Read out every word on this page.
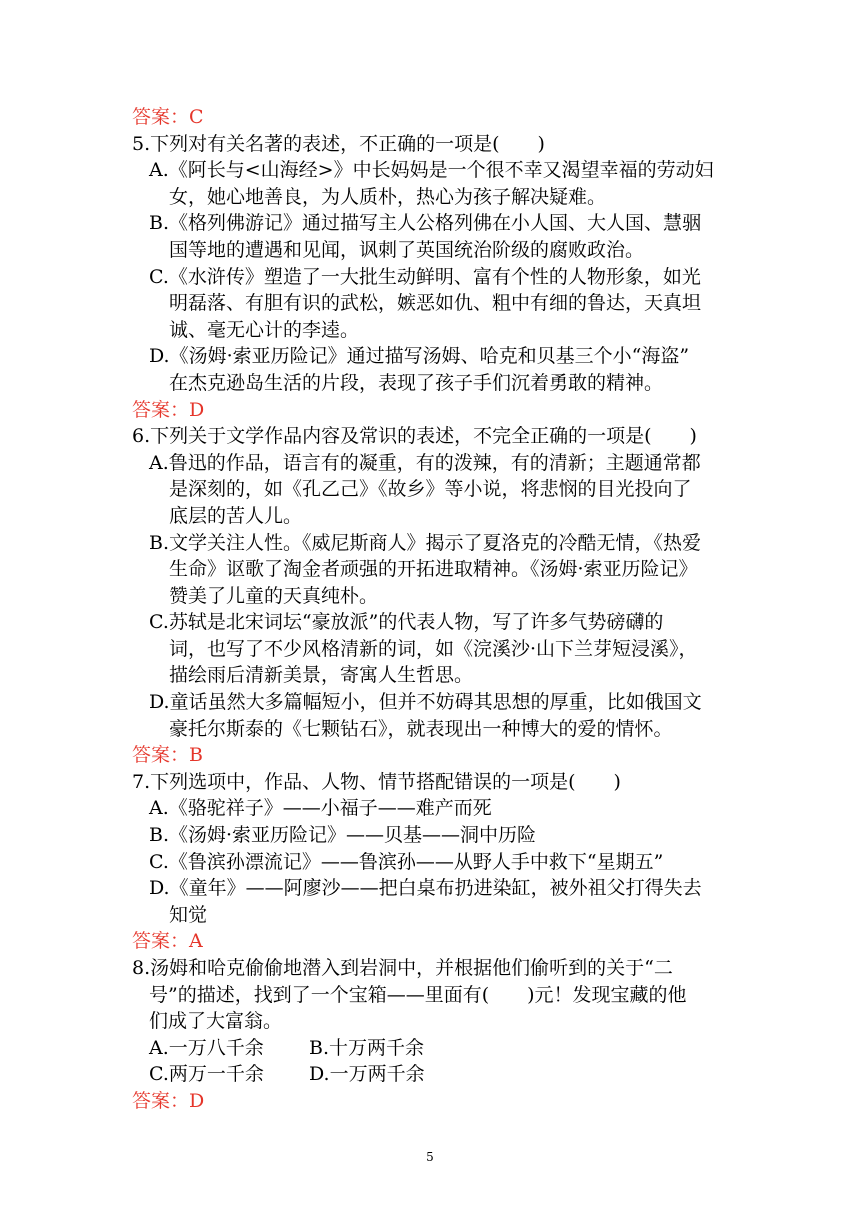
答案：C
5.下列对有关名著的表述，不正确的一项是(　　)
A.《阿长与<山海经>》中长妈妈是一个很不幸又渴望幸福的劳动妇
女，她心地善良，为人质朴，热心为孩子解决疑难。
B.《格列佛游记》通过描写主人公格列佛在小人国、大人国、慧骃
国等地的遭遇和见闻，讽刺了英国统治阶级的腐败政治。
C.《水浒传》塑造了一大批生动鲜明、富有个性的人物形象，如光
明磊落、有胆有识的武松，嫉恶如仇、粗中有细的鲁达，天真坦
诚、毫无心计的李逵。
D.《汤姆·索亚历险记》通过描写汤姆、哈克和贝基三个小“海盗”
在杰克逊岛生活的片段，表现了孩子手们沉着勇敢的精神。
答案：D
6.下列关于文学作品内容及常识的表述，不完全正确的一项是(　　)
A.鲁迅的作品，语言有的凝重，有的泼辣，有的清新；主题通常都
是深刻的，如《孔乙己》《故乡》等小说，将悲悯的目光投向了
底层的苦人儿。
B.文学关注人性。《威尼斯商人》揭示了夏洛克的冷酷无情，《热爱
生命》讴歌了淘金者顽强的开拓进取精神。《汤姆·索亚历险记》
赞美了儿童的天真纯朴。
C.苏轼是北宋词坛“豪放派”的代表人物，写了许多气势磅礴的
词，也写了不少风格清新的词，如《浣溪沙·山下兰芽短浸溪》，
描绘雨后清新美景，寄寓人生哲思。
D.童话虽然大多篇幅短小，但并不妨碍其思想的厚重，比如俄国文
豪托尔斯泰的《七颗钻石》，就表现出一种博大的爱的情怀。
答案：B
7.下列选项中，作品、人物、情节搭配错误的一项是(　　)
A.《骆驼祥子》——小福子——难产而死
B.《汤姆·索亚历险记》——贝基——洞中历险
C.《鲁滨孙漂流记》——鲁滨孙——从野人手中救下“星期五”
D.《童年》——阿廖沙——把白桌布扔进染缸，被外祖父打得失去
知觉
答案：A
8.汤姆和哈克偷偷地潜入到岩洞中，并根据他们偷听到的关于“二
号”的描述，找到了一个宝箱——里面有(　　)元！发现宝藏的他
们成了大富翁。
A.一万八千余	B.十万两千余
C.两万一千余	D.一万两千余
答案：D
5
